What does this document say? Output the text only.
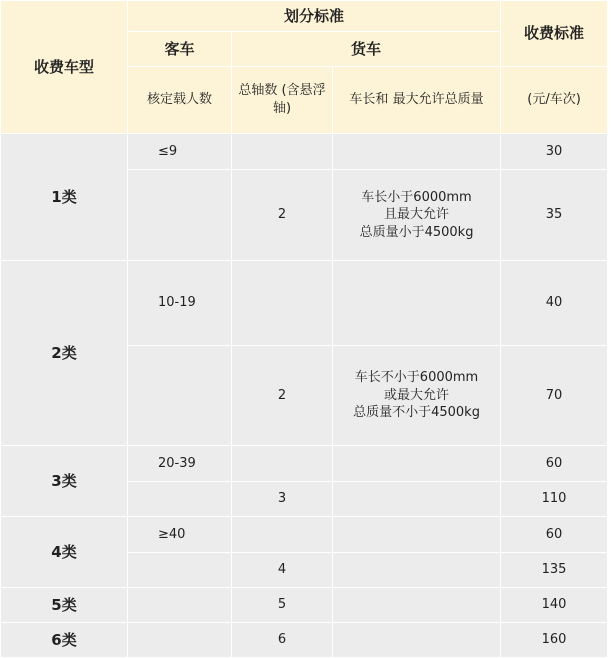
收费车型	划分标准			收费标准
	客车	货车		
	核定载人数	总轴数 (含悬浮轴)	车长和 最大允许总质量	(元/车次)
1类	≤9			30
		2	车长小于6000mm
且最大允许
总质量小于4500kg	35
2类	10-19			40
		2	车长不小于6000mm
或最大允许
总质量不小于4500kg	70
3类	20-39			60
		3		110
4类	≥40			60
		4		135
5类		5		140
6类		6		160
